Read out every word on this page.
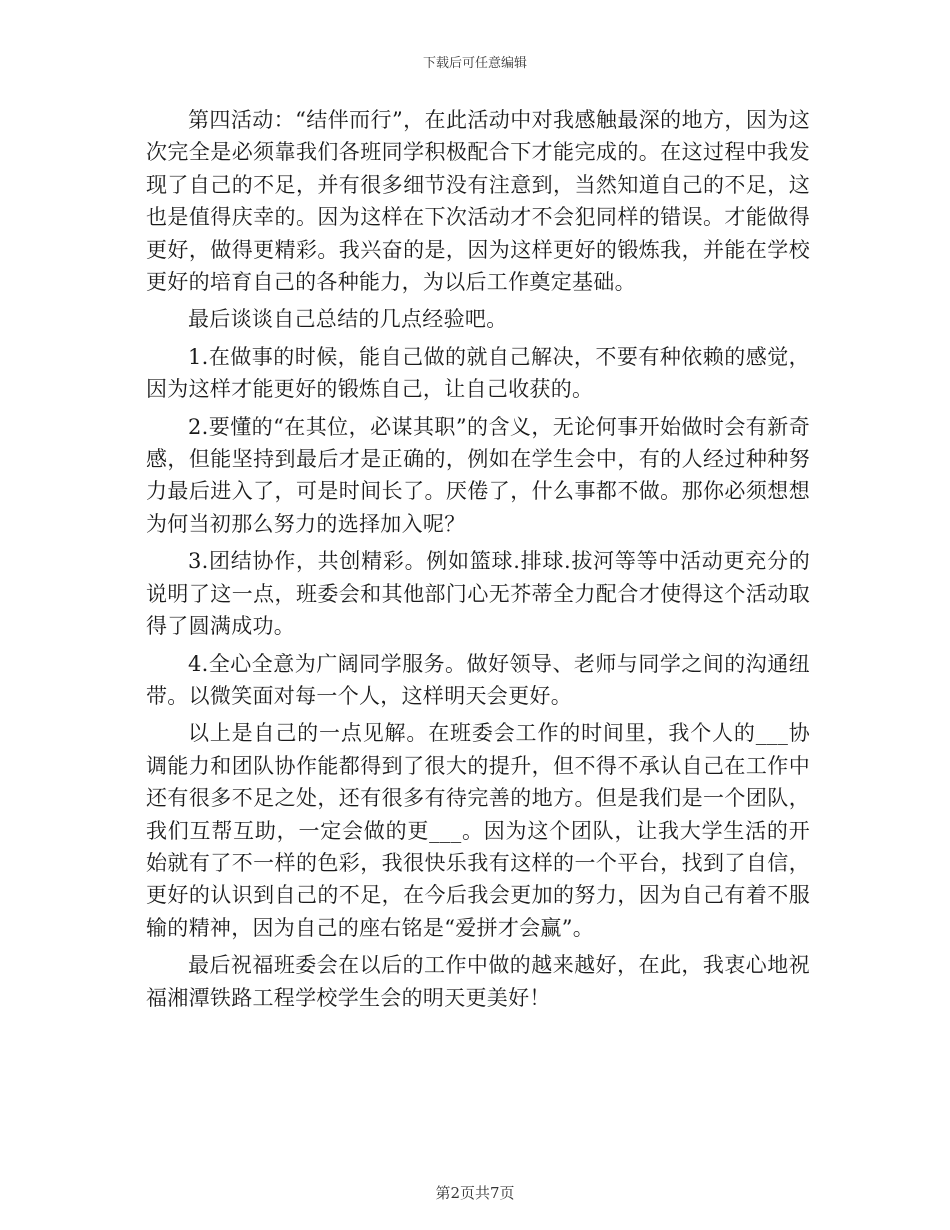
下载后可任意编辑

第四活动：“结伴而行”，在此活动中对我感触最深的地方，因为这次完全是必须靠我们各班同学积极配合下才能完成的。在这过程中我发现了自己的不足，并有很多细节没有注意到，当然知道自己的不足，这也是值得庆幸的。因为这样在下次活动才不会犯同样的错误。才能做得更好，做得更精彩。我兴奋的是，因为这样更好的锻炼我，并能在学校更好的培育自己的各种能力，为以后工作奠定基础。

最后谈谈自己总结的几点经验吧。

1.在做事的时候，能自己做的就自己解决，不要有种依赖的感觉，因为这样才能更好的锻炼自己，让自己收获的。

2.要懂的“在其位，必谋其职”的含义，无论何事开始做时会有新奇感，但能坚持到最后才是正确的，例如在学生会中，有的人经过种种努力最后进入了，可是时间长了。厌倦了，什么事都不做。那你必须想想为何当初那么努力的选择加入呢？

3.团结协作，共创精彩。例如篮球.排球.拔河等等中活动更充分的说明了这一点，班委会和其他部门心无芥蒂全力配合才使得这个活动取得了圆满成功。

4.全心全意为广阔同学服务。做好领导、老师与同学之间的沟通纽带。以微笑面对每一个人，这样明天会更好。

以上是自己的一点见解。在班委会工作的时间里，我个人的___协调能力和团队协作能都得到了很大的提升，但不得不承认自己在工作中还有很多不足之处，还有很多有待完善的地方。但是我们是一个团队，我们互帮互助，一定会做的更___。因为这个团队，让我大学生活的开始就有了不一样的色彩，我很快乐我有这样的一个平台，找到了自信，更好的认识到自己的不足，在今后我会更加的努力，因为自己有着不服输的精神，因为自己的座右铭是“爱拼才会赢”。

最后祝福班委会在以后的工作中做的越来越好，在此，我衷心地祝福湘潭铁路工程学校学生会的明天更美好！

第2页共7页
